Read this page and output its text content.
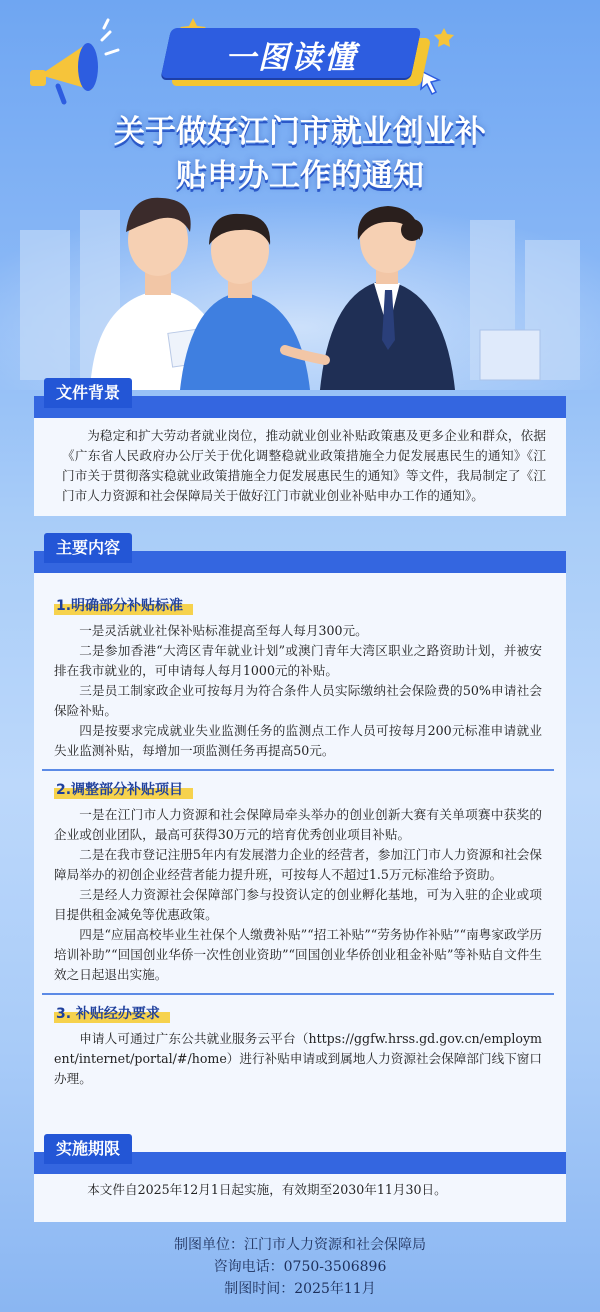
一图读懂
关于做好江门市就业创业补
贴申办工作的通知
文件背景

为稳定和扩大劳动者就业岗位，推动就业创业补贴政策惠及更多企业和群众，依据《广东省人民政府办公厅关于优化调整稳就业政策措施全力促发展惠民生的通知》《江门市关于贯彻落实稳就业政策措施全力促发展惠民生的通知》等文件，我局制定了《江门市人力资源和社会保障局关于做好江门市就业创业补贴申办工作的通知》。

主要内容
1.明确部分补贴标准

一是灵活就业社保补贴标准提高至每人每月300元。

二是参加香港“大湾区青年就业计划”或澳门青年大湾区职业之路资助计划，并被安排在我市就业的，可申请每人每月1000元的补贴。

三是员工制家政企业可按每月为符合条件人员实际缴纳社会保险费的50%申请社会保险补贴。

四是按要求完成就业失业监测任务的监测点工作人员可按每月200元标准申请就业失业监测补贴，每增加一项监测任务再提高50元。

2.调整部分补贴项目

一是在江门市人力资源和社会保障局牵头举办的创业创新大赛有关单项赛中获奖的企业或创业团队，最高可获得30万元的培育优秀创业项目补贴。

二是在我市登记注册5年内有发展潜力企业的经营者，参加江门市人力资源和社会保障局举办的初创企业经营者能力提升班，可按每人不超过1.5万元标准给予资助。

三是经人力资源社会保障部门参与投资认定的创业孵化基地，可为入驻的企业或项目提供租金减免等优惠政策。

四是“应届高校毕业生社保个人缴费补贴”“招工补贴”“劳务协作补贴”“南粤家政学历培训补助”“回国创业华侨一次性创业资助”“回国创业华侨创业租金补贴”等补贴自文件生效之日起退出实施。

3. 补贴经办要求

申请人可通过广东公共就业服务云平台（https://ggfw.hrss.gd.gov.cn/employment/internet/portal/#/home）进行补贴申请或到属地人力资源社会保障部门线下窗口办理。

实施期限

本文件自2025年12月1日起实施，有效期至2030年11月30日。

制图单位：江门市人力资源和社会保障局
咨询电话：0750-3506896
制图时间：2025年11月
